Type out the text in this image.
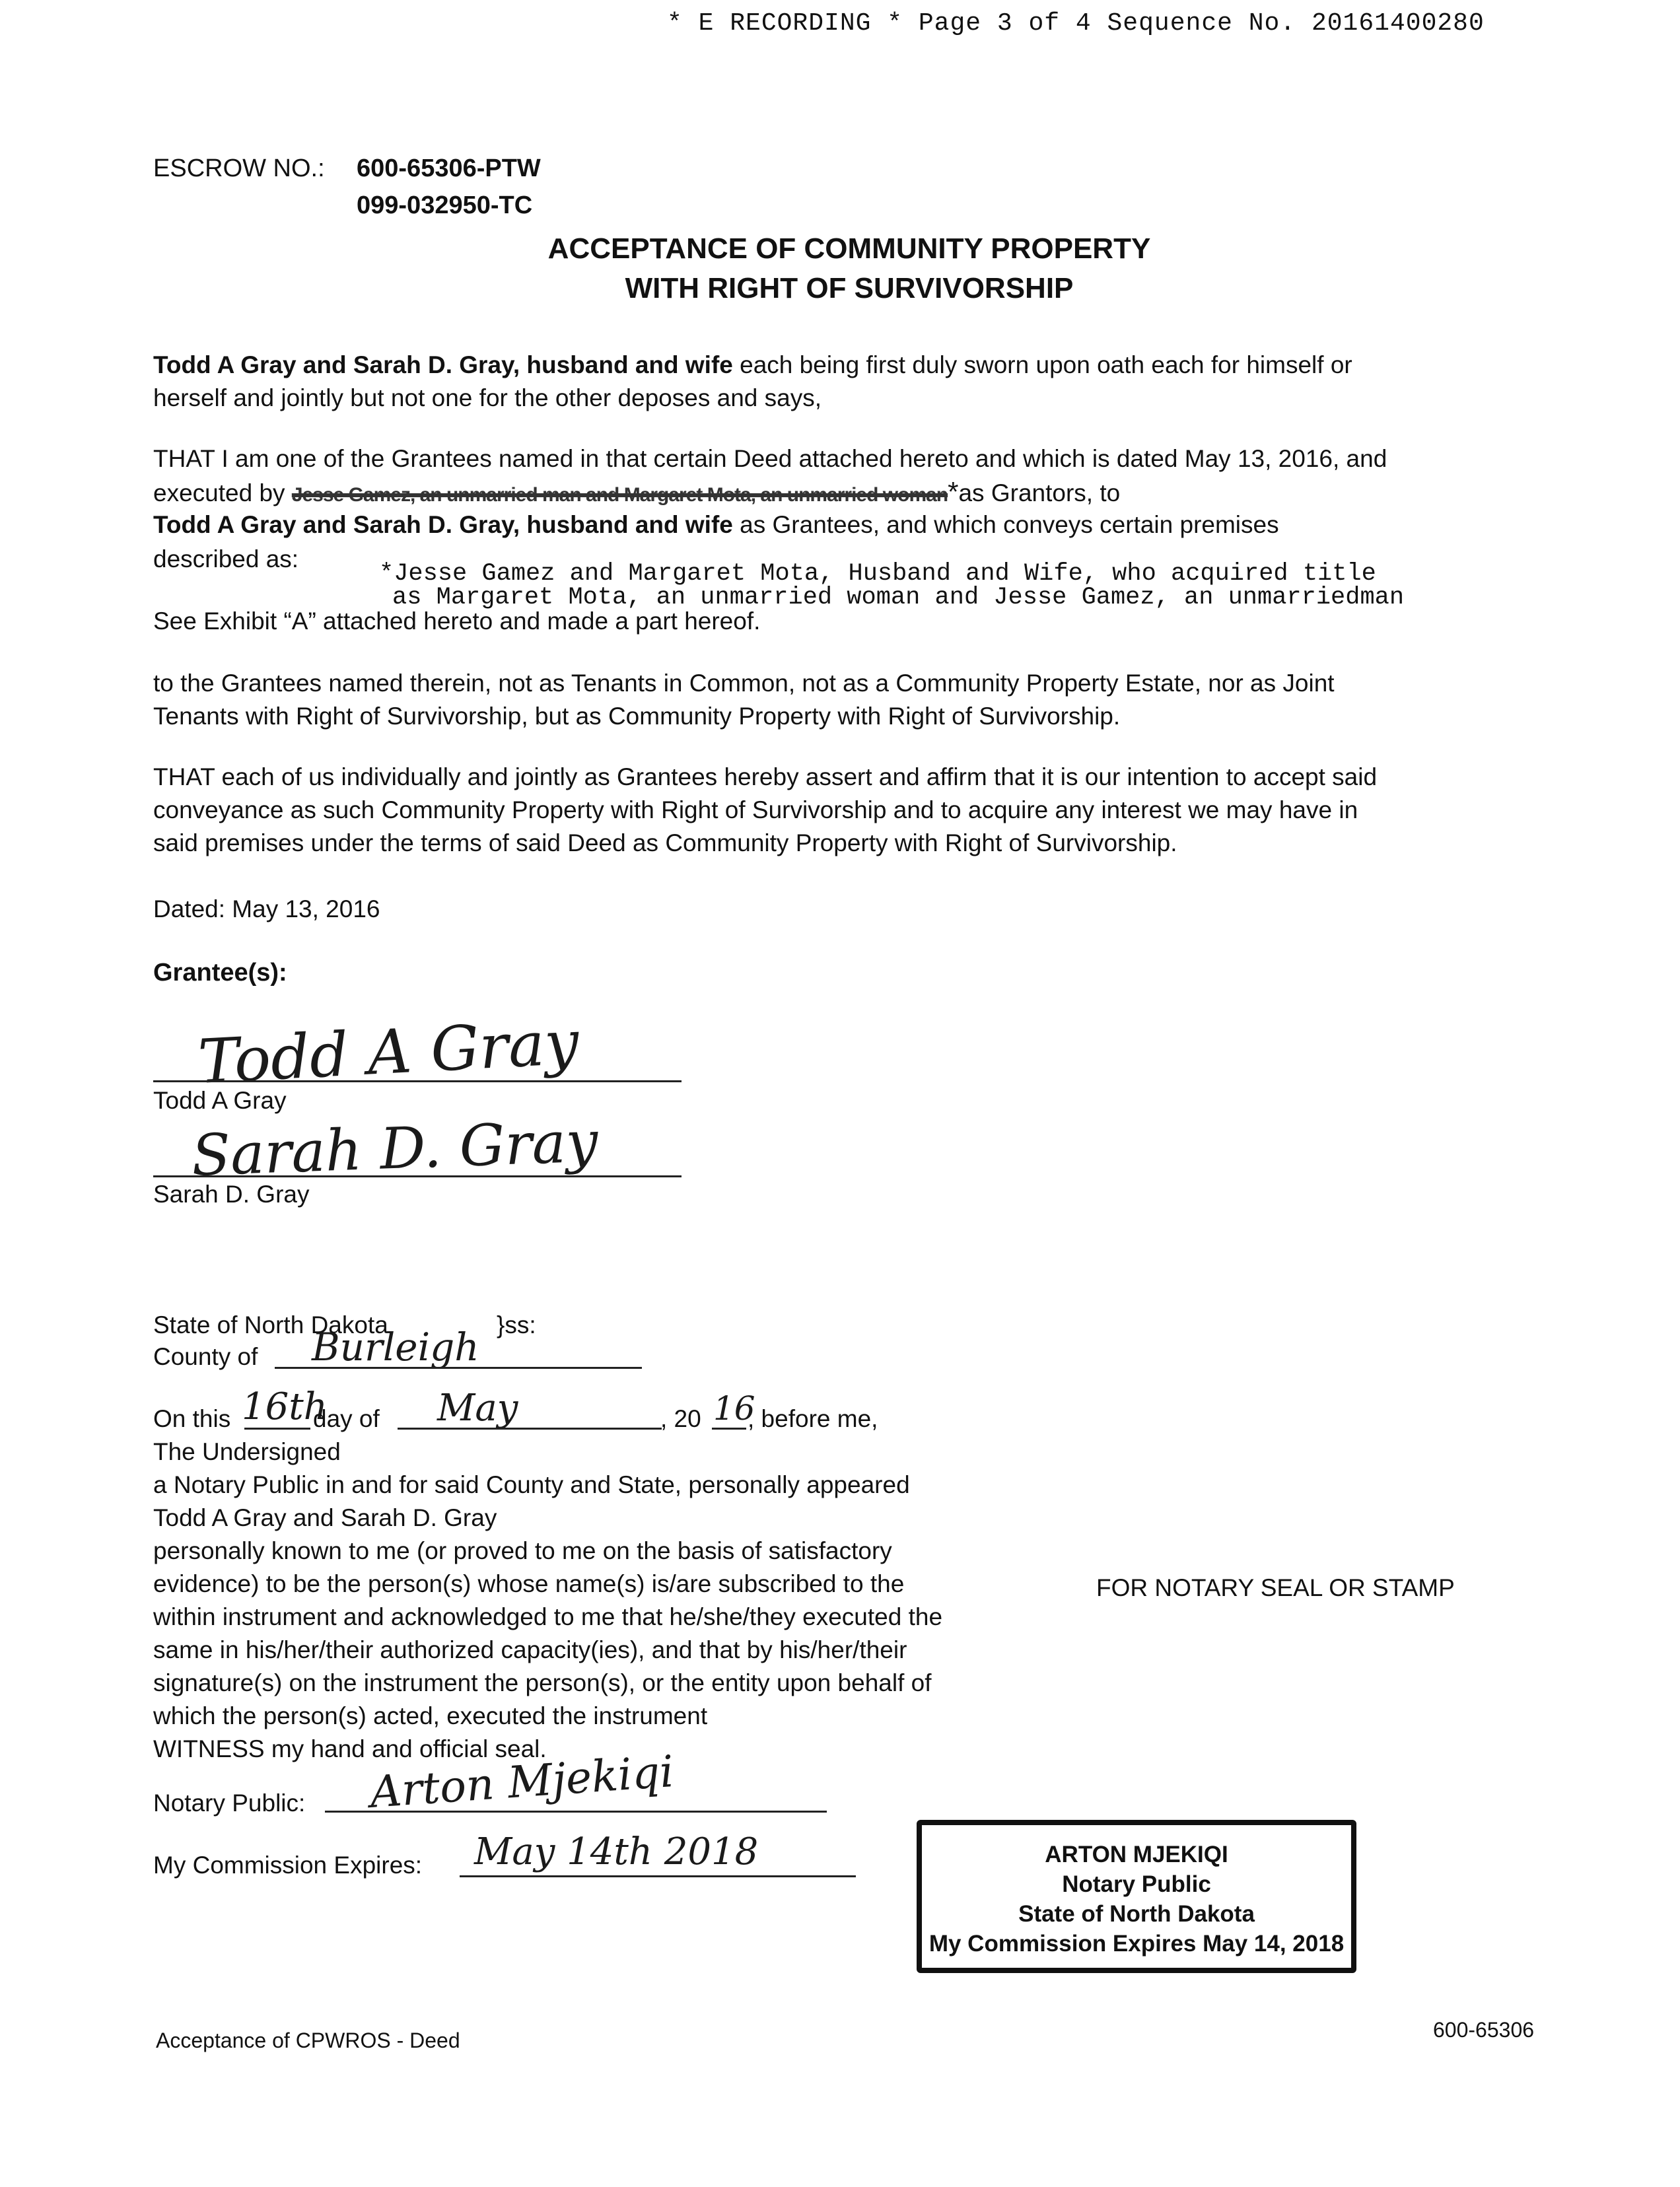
* E RECORDING * Page 3 of 4 Sequence No. 20161400280
ESCROW NO.: 600-65306-PTW
099-032950-TC
ACCEPTANCE OF COMMUNITY PROPERTY
WITH RIGHT OF SURVIVORSHIP
Todd A Gray and Sarah D. Gray, husband and wife each being first duly sworn upon oath each for himself or
herself and jointly but not one for the other deposes and says,
THAT I am one of the Grantees named in that certain Deed attached hereto and which is dated May 13, 2016, and
executed by Jesse Gamez, an unmarried man and Margaret Mota, an unmarried woman*as Grantors, to
Todd A Gray and Sarah D. Gray, husband and wife as Grantees, and which conveys certain premises
described as:
*Jesse Gamez and Margaret Mota, Husband and Wife, who acquired title
as Margaret Mota, an unmarried woman and Jesse Gamez, an unmarriedman
See Exhibit “A” attached hereto and made a part hereof.
to the Grantees named therein, not as Tenants in Common, not as a Community Property Estate, nor as Joint
Tenants with Right of Survivorship, but as Community Property with Right of Survivorship.
THAT each of us individually and jointly as Grantees hereby assert and affirm that it is our intention to accept said
conveyance as such Community Property with Right of Survivorship and to acquire any interest we may have in
said premises under the terms of said Deed as Community Property with Right of Survivorship.
Dated: May 13, 2016
Grantee(s):
Todd A Gray
Todd A Gray
Sarah D. Gray
Sarah D. Gray
State of North Dakota	}ss:
County of Burleigh
On this 16th
day of May	, 20 16
, before me,
The Undersigned
a Notary Public in and for said County and State, personally appeared
Todd A Gray and Sarah D. Gray
personally known to me (or proved to me on the basis of satisfactory
evidence) to be the person(s) whose name(s) is/are subscribed to the
within instrument and acknowledged to me that he/she/they executed the
same in his/her/their authorized capacity(ies), and that by his/her/their
signature(s) on the instrument the person(s), or the entity upon behalf of
which the person(s) acted, executed the instrument
WITNESS my hand and official seal.
FOR NOTARY SEAL OR STAMP
Notary Public: Arton Mjekiqi
My Commission Expires: May 14th 2018	ARTON MJEKIQI
Notary Public
State of North Dakota
My Commission Expires May 14, 2018
Acceptance of CPWROS - Deed	600-65306
